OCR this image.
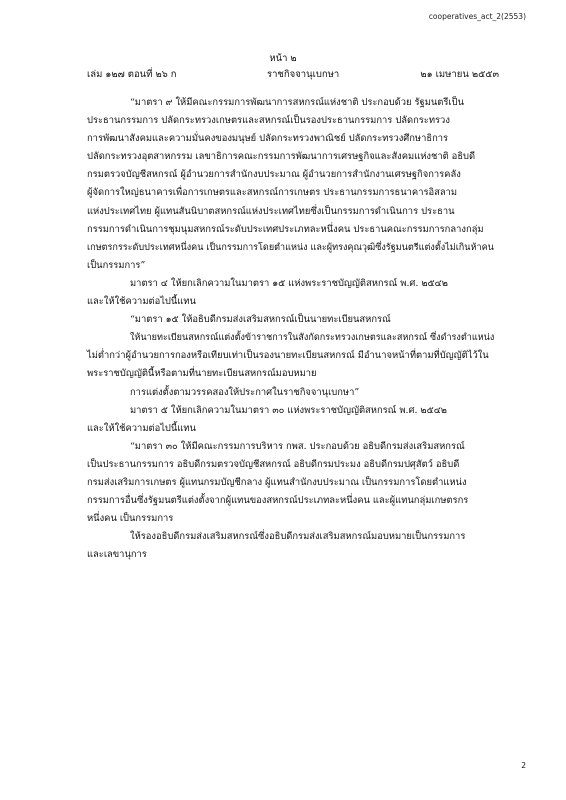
cooperatives_act_2(2553)
หน้า ๒
เล่ม ๑๒๗ ตอนที่ ๒๖ ก	ราชกิจจานุเบกษา	๒๑ เมษายน ๒๕๕๓

“มาตรา ๙ ให้มีคณะกรรมการพัฒนาการสหกรณ์แห่งชาติ ประกอบด้วย รัฐมนตรีเป็น

ประธานกรรมการ ปลัดกระทรวงเกษตรและสหกรณ์เป็นรองประธานกรรมการ ปลัดกระทรวง

การพัฒนาสังคมและความมั่นคงของมนุษย์ ปลัดกระทรวงพาณิชย์ ปลัดกระทรวงศึกษาธิการ

ปลัดกระทรวงอุตสาหกรรม เลขาธิการคณะกรรมการพัฒนาการเศรษฐกิจและสังคมแห่งชาติ อธิบดี

กรมตรวจบัญชีสหกรณ์ ผู้อำนวยการสำนักงบประมาณ ผู้อำนวยการสำนักงานเศรษฐกิจการคลัง

ผู้จัดการใหญ่ธนาคารเพื่อการเกษตรและสหกรณ์การเกษตร ประธานกรรมการธนาคารอิสลาม

แห่งประเทศไทย ผู้แทนสันนิบาตสหกรณ์แห่งประเทศไทยซึ่งเป็นกรรมการดำเนินการ ประธาน

กรรมการดำเนินการชุมนุมสหกรณ์ระดับประเทศประเภทละหนึ่งคน ประธานคณะกรรมการกลางกลุ่ม

เกษตรกรระดับประเทศหนึ่งคน เป็นกรรมการโดยตำแหน่ง และผู้ทรงคุณวุฒิซึ่งรัฐมนตรีแต่งตั้งไม่เกินห้าคน

เป็นกรรมการ”

มาตรา ๔ ให้ยกเลิกความในมาตรา ๑๕ แห่งพระราชบัญญัติสหกรณ์ พ.ศ. ๒๕๔๒

และให้ใช้ความต่อไปนี้แทน

“มาตรา ๑๕ ให้อธิบดีกรมส่งเสริมสหกรณ์เป็นนายทะเบียนสหกรณ์

ให้นายทะเบียนสหกรณ์แต่งตั้งข้าราชการในสังกัดกระทรวงเกษตรและสหกรณ์ ซึ่งดำรงตำแหน่ง

ไม่ต่ำกว่าผู้อำนวยการกองหรือเทียบเท่าเป็นรองนายทะเบียนสหกรณ์ มีอำนาจหน้าที่ตามที่บัญญัติไว้ใน

พระราชบัญญัตินี้หรือตามที่นายทะเบียนสหกรณ์มอบหมาย

การแต่งตั้งตามวรรคสองให้ประกาศในราชกิจจานุเบกษา”

มาตรา ๕ ให้ยกเลิกความในมาตรา ๓๐ แห่งพระราชบัญญัติสหกรณ์ พ.ศ. ๒๕๔๒

และให้ใช้ความต่อไปนี้แทน

“มาตรา ๓๐ ให้มีคณะกรรมการบริหาร กพส. ประกอบด้วย อธิบดีกรมส่งเสริมสหกรณ์

เป็นประธานกรรมการ อธิบดีกรมตรวจบัญชีสหกรณ์ อธิบดีกรมประมง อธิบดีกรมปศุสัตว์ อธิบดี

กรมส่งเสริมการเกษตร ผู้แทนกรมบัญชีกลาง ผู้แทนสำนักงบประมาณ เป็นกรรมการโดยตำแหน่ง

กรรมการอื่นซึ่งรัฐมนตรีแต่งตั้งจากผู้แทนของสหกรณ์ประเภทละหนึ่งคน และผู้แทนกลุ่มเกษตรกร

หนึ่งคน เป็นกรรมการ

ให้รองอธิบดีกรมส่งเสริมสหกรณ์ซึ่งอธิบดีกรมส่งเสริมสหกรณ์มอบหมายเป็นกรรมการ

และเลขานุการ

2
